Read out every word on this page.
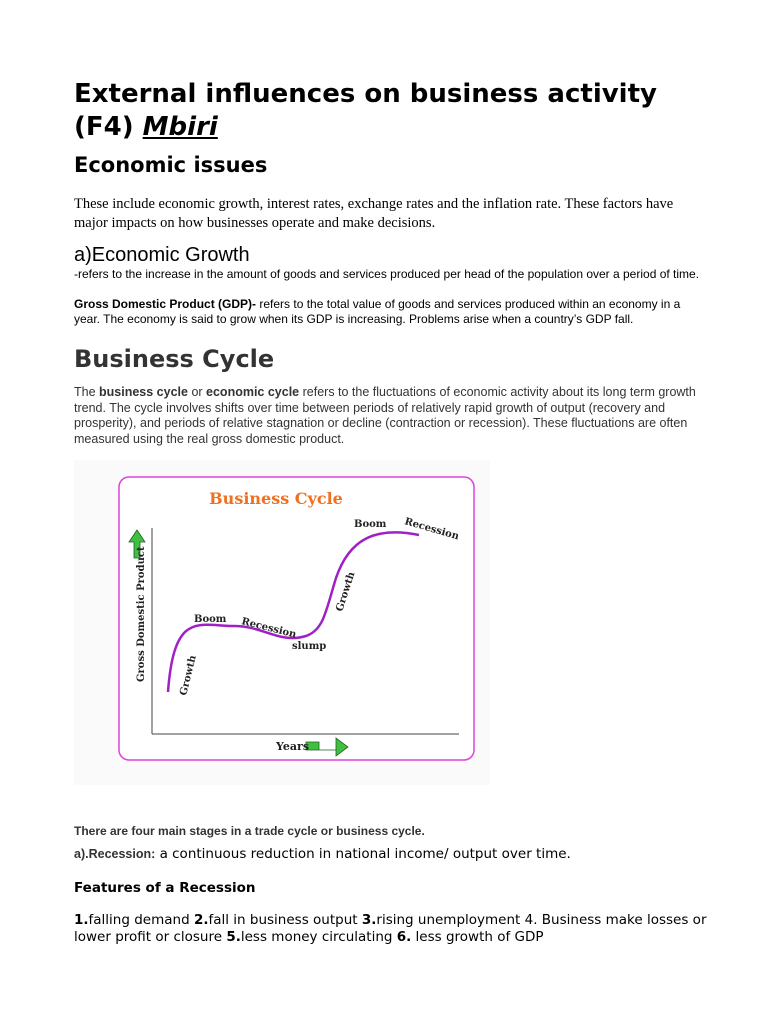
External influences on business activity (F4) Mbiri
Economic issues

These include economic growth, interest rates, exchange rates and the inflation rate. These factors have major impacts on how businesses operate and make decisions.

a)Economic Growth

-refers to the increase in the amount of goods and services produced per head of the population over a period of time.

Gross Domestic Product (GDP)- refers to the total value of goods and services produced within an economy in a year. The economy is said to grow when its GDP is increasing. Problems arise when a country’s GDP fall.

Business Cycle

The business cycle or economic cycle refers to the fluctuations of economic activity about its long term growth trend. The cycle involves shifts over time between periods of relatively rapid growth of output (recovery and prosperity), and periods of relative stagnation or decline (contraction or recession). These fluctuations are often measured using the real gross domestic product.

Business Cycle
Gross Domestic Product
Years
Growth
Boom Recession
slump
Growth
Boom Recession

There are four main stages in a trade cycle or business cycle.

a).Recession: a continuous reduction in national income/ output over time.

Features of a Recession

1.falling demand 2.fall in business output 3.rising unemployment 4. Business make losses or lower profit or closure 5.less money circulating 6. less growth of GDP
